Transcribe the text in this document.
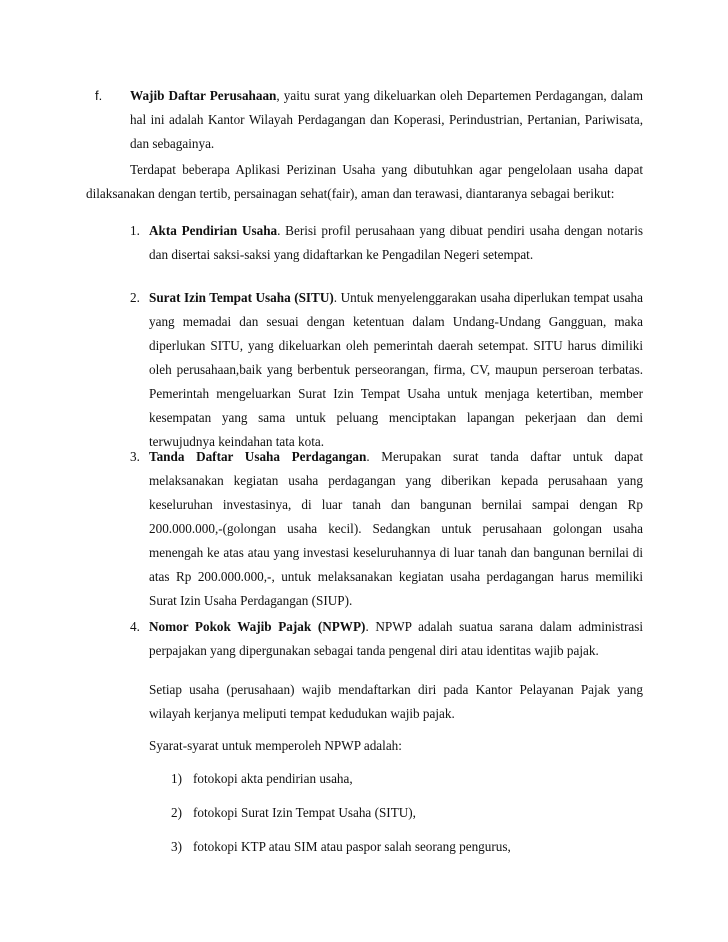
f. Wajib Daftar Perusahaan, yaitu surat yang dikeluarkan oleh Departemen Perdagangan, dalam hal ini adalah Kantor Wilayah Perdagangan dan Koperasi, Perindustrian, Pertanian, Pariwisata, dan sebagainya.

Terdapat beberapa Aplikasi Perizinan Usaha yang dibutuhkan agar pengelolaan usaha dapat dilaksanakan dengan tertib, persainagan sehat(fair), aman dan terawasi, diantaranya sebagai berikut:

1. Akta Pendirian Usaha. Berisi profil perusahaan yang dibuat pendiri usaha dengan notaris dan disertai saksi-saksi yang didaftarkan ke Pengadilan Negeri setempat.

2. Surat Izin Tempat Usaha (SITU). Untuk menyelenggarakan usaha diperlukan tempat usaha yang memadai dan sesuai dengan ketentuan dalam Undang-Undang Gangguan, maka diperlukan SITU, yang dikeluarkan oleh pemerintah daerah setempat. SITU harus dimiliki oleh perusahaan,baik yang berbentuk perseorangan, firma, CV, maupun perseroan terbatas. Pemerintah mengeluarkan Surat Izin Tempat Usaha untuk menjaga ketertiban, member kesempatan yang sama untuk peluang menciptakan lapangan pekerjaan dan demi terwujudnya keindahan tata kota.

3. Tanda Daftar Usaha Perdagangan. Merupakan surat tanda daftar untuk dapat melaksanakan kegiatan usaha perdagangan yang diberikan kepada perusahaan yang keseluruhan investasinya, di luar tanah dan bangunan bernilai sampai dengan Rp 200.000.000,-(golongan usaha kecil). Sedangkan untuk perusahaan golongan usaha menengah ke atas atau yang investasi keseluruhannya di luar tanah dan bangunan bernilai di atas Rp 200.000.000,-, untuk melaksanakan kegiatan usaha perdagangan harus memiliki Surat Izin Usaha Perdagangan (SIUP).

4. Nomor Pokok Wajib Pajak (NPWP). NPWP adalah suatua sarana dalam administrasi perpajakan yang dipergunakan sebagai tanda pengenal diri atau identitas wajib pajak.

Setiap usaha (perusahaan) wajib mendaftarkan diri pada Kantor Pelayanan Pajak yang wilayah kerjanya meliputi tempat kedudukan wajib pajak.

Syarat-syarat untuk memperoleh NPWP adalah:

1) fotokopi akta pendirian usaha,

2) fotokopi Surat Izin Tempat Usaha (SITU),

3) fotokopi KTP atau SIM atau paspor salah seorang pengurus,
